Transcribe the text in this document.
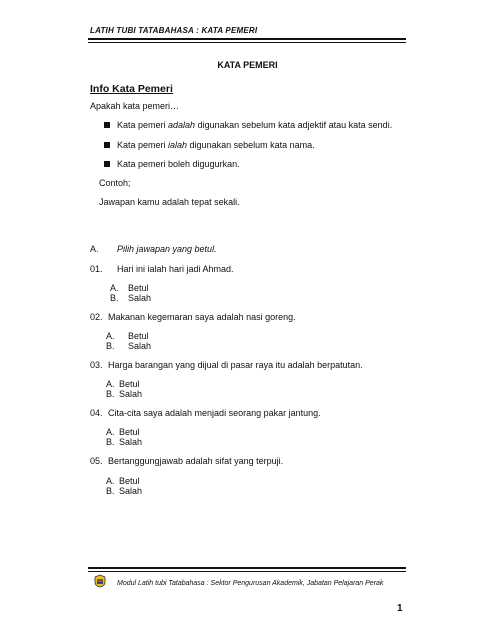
LATIH TUBI TATABAHASA : KATA PEMERI
KATA PEMERI
Info Kata Pemeri
Apakah kata pemeri…
Kata pemeri adalah digunakan sebelum kata adjektif atau kata sendi.
Kata pemeri ialah digunakan sebelum kata nama.
Kata pemeri boleh digugurkan.
Contoh;
Jawapan kamu adalah tepat sekali.
A. Pilih jawapan yang betul.
01. Hari ini ialah hari jadi Ahmad.
A. Betul
B. Salah
02. Makanan kegemaran saya adalah nasi goreng.
A. Betul
B. Salah
03. Harga barangan yang dijual di pasar raya itu adalah berpatutan.
A. Betul
B. Salah
04. Cita-cita saya adalah menjadi seorang pakar jantung.
A. Betul
B. Salah
05. Bertanggungjawab adalah sifat yang terpuji.
A. Betul
B. Salah
Modul Latih tubi Tatabahasa : Sektor Pengurusan Akademik, Jabatan Pelajaran Perak
1
